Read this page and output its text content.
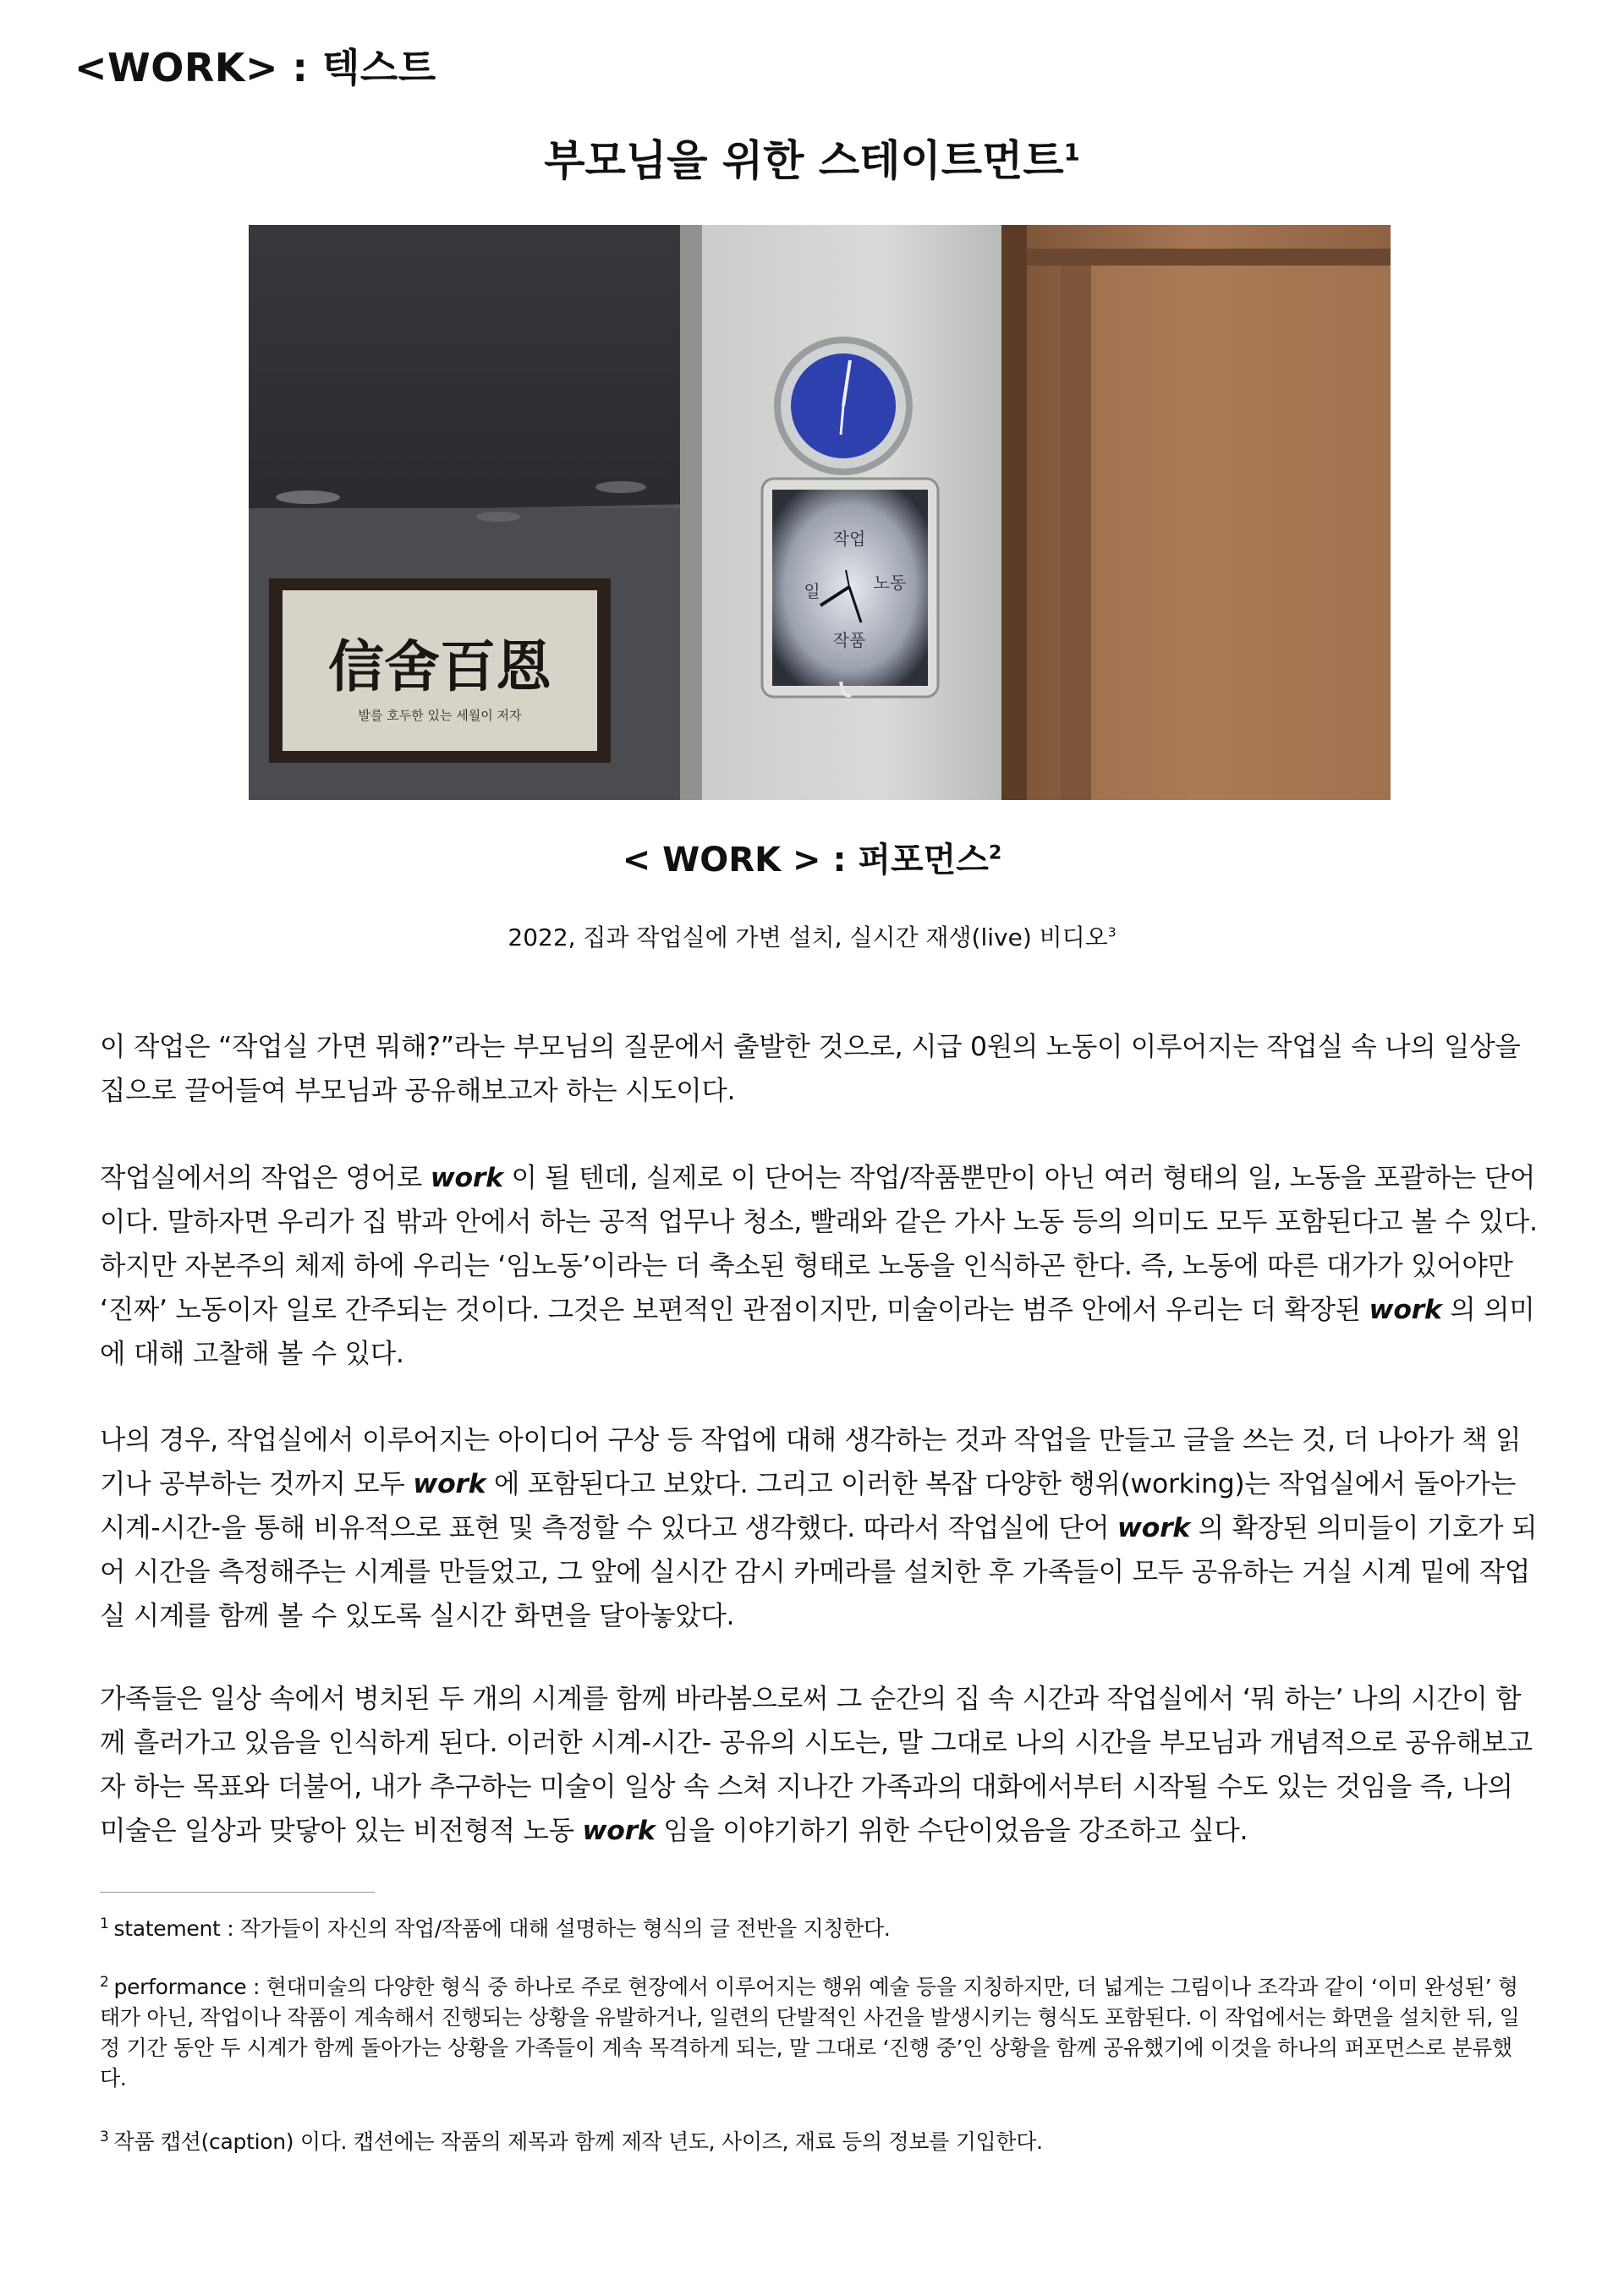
<WORK> : 텍스트
부모님을 위한 스테이트먼트$^1$
信舍百恩
발를 호두한 있는 세월이 저자
작업
일	노동
작품
< WORK > : 퍼포먼스$^2$
2022, 집과 작업실에 가변 설치, 실시간 재생(live) 비디오$^3$

이 작업은 “작업실 가면 뭐해?”라는 부모님의 질문에서 출발한 것으로, 시급 0원의 노동이 이루어지는 작업실 속 나의 일상을 집으로 끌어들여 부모님과 공유해보고자 하는 시도이다.

작업실에서의 작업은 영어로 work 이 될 텐데, 실제로 이 단어는 작업/작품뿐만이 아닌 여러 형태의 일, 노동을 포괄하는 단어이다. 말하자면 우리가 집 밖과 안에서 하는 공적 업무나 청소, 빨래와 같은 가사 노동 등의 의미도 모두 포함된다고 볼 수 있다. 하지만 자본주의 체제 하에 우리는 ‘임노동’이라는 더 축소된 형태로 노동을 인식하곤 한다. 즉, 노동에 따른 대가가 있어야만 ‘진짜’ 노동이자 일로 간주되는 것이다. 그것은 보편적인 관점이지만, 미술이라는 범주 안에서 우리는 더 확장된 work 의 의미에 대해 고찰해 볼 수 있다.

나의 경우, 작업실에서 이루어지는 아이디어 구상 등 작업에 대해 생각하는 것과 작업을 만들고 글을 쓰는 것, 더 나아가 책 읽기나 공부하는 것까지 모두 work 에 포함된다고 보았다. 그리고 이러한 복잡 다양한 행위(working)는 작업실에서 돌아가는 시계-시간-을 통해 비유적으로 표현 및 측정할 수 있다고 생각했다. 따라서 작업실에 단어 work 의 확장된 의미들이 기호가 되어 시간을 측정해주는 시계를 만들었고, 그 앞에 실시간 감시 카메라를 설치한 후 가족들이 모두 공유하는 거실 시계 밑에 작업실 시계를 함께 볼 수 있도록 실시간 화면을 달아놓았다.

가족들은 일상 속에서 병치된 두 개의 시계를 함께 바라봄으로써 그 순간의 집 속 시간과 작업실에서 ‘뭐 하는’ 나의 시간이 함께 흘러가고 있음을 인식하게 된다. 이러한 시계-시간- 공유의 시도는, 말 그대로 나의 시간을 부모님과 개념적으로 공유해보고자 하는 목표와 더불어, 내가 추구하는 미술이 일상 속 스쳐 지나간 가족과의 대화에서부터 시작될 수도 있는 것임을 즉, 나의 미술은 일상과 맞닿아 있는 비전형적 노동 work 임을 이야기하기 위한 수단이었음을 강조하고 싶다.

$^1$ statement : 작가들이 자신의 작업/작품에 대해 설명하는 형식의 글 전반을 지칭한다.
$^2$ performance : 현대미술의 다양한 형식 중 하나로 주로 현장에서 이루어지는 행위 예술 등을 지칭하지만, 더 넓게는 그림이나 조각과 같이 ‘이미 완성된’ 형태가 아닌, 작업이나 작품이 계속해서 진행되는 상황을 유발하거나, 일련의 단발적인 사건을 발생시키는 형식도 포함된다. 이 작업에서는 화면을 설치한 뒤, 일정 기간 동안 두 시계가 함께 돌아가는 상황을 가족들이 계속 목격하게 되는, 말 그대로 ‘진행 중’인 상황을 함께 공유했기에 이것을 하나의 퍼포먼스로 분류했다.
$^3$ 작품 캡션(caption) 이다. 캡션에는 작품의 제목과 함께 제작 년도, 사이즈, 재료 등의 정보를 기입한다.
